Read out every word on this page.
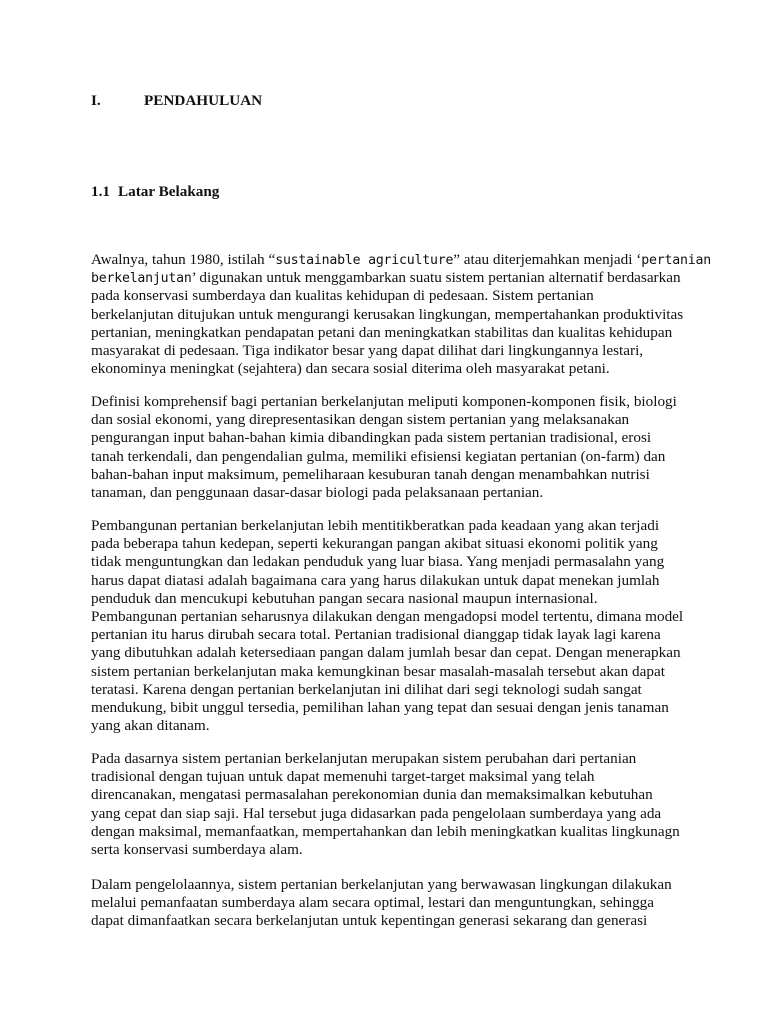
I.	PENDAHULUAN
1.1 Latar Belakang
Awalnya, tahun 1980, istilah “sustainable agriculture” atau diterjemahkan menjadi ‘pertanian
berkelanjutan’ digunakan untuk menggambarkan suatu sistem pertanian alternatif berdasarkan
pada konservasi sumberdaya dan kualitas kehidupan di pedesaan. Sistem pertanian
berkelanjutan ditujukan untuk mengurangi kerusakan lingkungan, mempertahankan produktivitas
pertanian, meningkatkan pendapatan petani dan meningkatkan stabilitas dan kualitas kehidupan
masyarakat di pedesaan. Tiga indikator besar yang dapat dilihat dari lingkungannya lestari,
ekonominya meningkat (sejahtera) dan secara sosial diterima oleh masyarakat petani.
Definisi komprehensif bagi pertanian berkelanjutan meliputi komponen-komponen fisik, biologi
dan sosial ekonomi, yang direpresentasikan dengan sistem pertanian yang melaksanakan
pengurangan input bahan-bahan kimia dibandingkan pada sistem pertanian tradisional, erosi
tanah terkendali, dan pengendalian gulma, memiliki efisiensi kegiatan pertanian (on-farm) dan
bahan-bahan input maksimum, pemeliharaan kesuburan tanah dengan menambahkan nutrisi
tanaman, dan penggunaan dasar-dasar biologi pada pelaksanaan pertanian.
Pembangunan pertanian berkelanjutan lebih mentitikberatkan pada keadaan yang akan terjadi
pada beberapa tahun kedepan, seperti kekurangan pangan akibat situasi ekonomi politik yang
tidak menguntungkan dan ledakan penduduk yang luar biasa. Yang menjadi permasalahn yang
harus dapat diatasi adalah bagaimana cara yang harus dilakukan untuk dapat menekan jumlah
penduduk dan mencukupi kebutuhan pangan secara nasional maupun internasional.
Pembangunan pertanian seharusnya dilakukan dengan mengadopsi model tertentu, dimana model
pertanian itu harus dirubah secara total. Pertanian tradisional dianggap tidak layak lagi karena
yang dibutuhkan adalah ketersediaan pangan dalam jumlah besar dan cepat. Dengan menerapkan
sistem pertanian berkelanjutan maka kemungkinan besar masalah-masalah tersebut akan dapat
teratasi. Karena dengan pertanian berkelanjutan ini dilihat dari segi teknologi sudah sangat
mendukung, bibit unggul tersedia, pemilihan lahan yang tepat dan sesuai dengan jenis tanaman
yang akan ditanam.
Pada dasarnya sistem pertanian berkelanjutan merupakan sistem perubahan dari pertanian
tradisional dengan tujuan untuk dapat memenuhi target-target maksimal yang telah
direncanakan, mengatasi permasalahan perekonomian dunia dan memaksimalkan kebutuhan
yang cepat dan siap saji. Hal tersebut juga didasarkan pada pengelolaan sumberdaya yang ada
dengan maksimal, memanfaatkan, mempertahankan dan lebih meningkatkan kualitas lingkunagn
serta konservasi sumberdaya alam.
Dalam pengelolaannya, sistem pertanian berkelanjutan yang berwawasan lingkungan dilakukan
melalui pemanfaatan sumberdaya alam secara optimal, lestari dan menguntungkan, sehingga
dapat dimanfaatkan secara berkelanjutan untuk kepentingan generasi sekarang dan generasi
